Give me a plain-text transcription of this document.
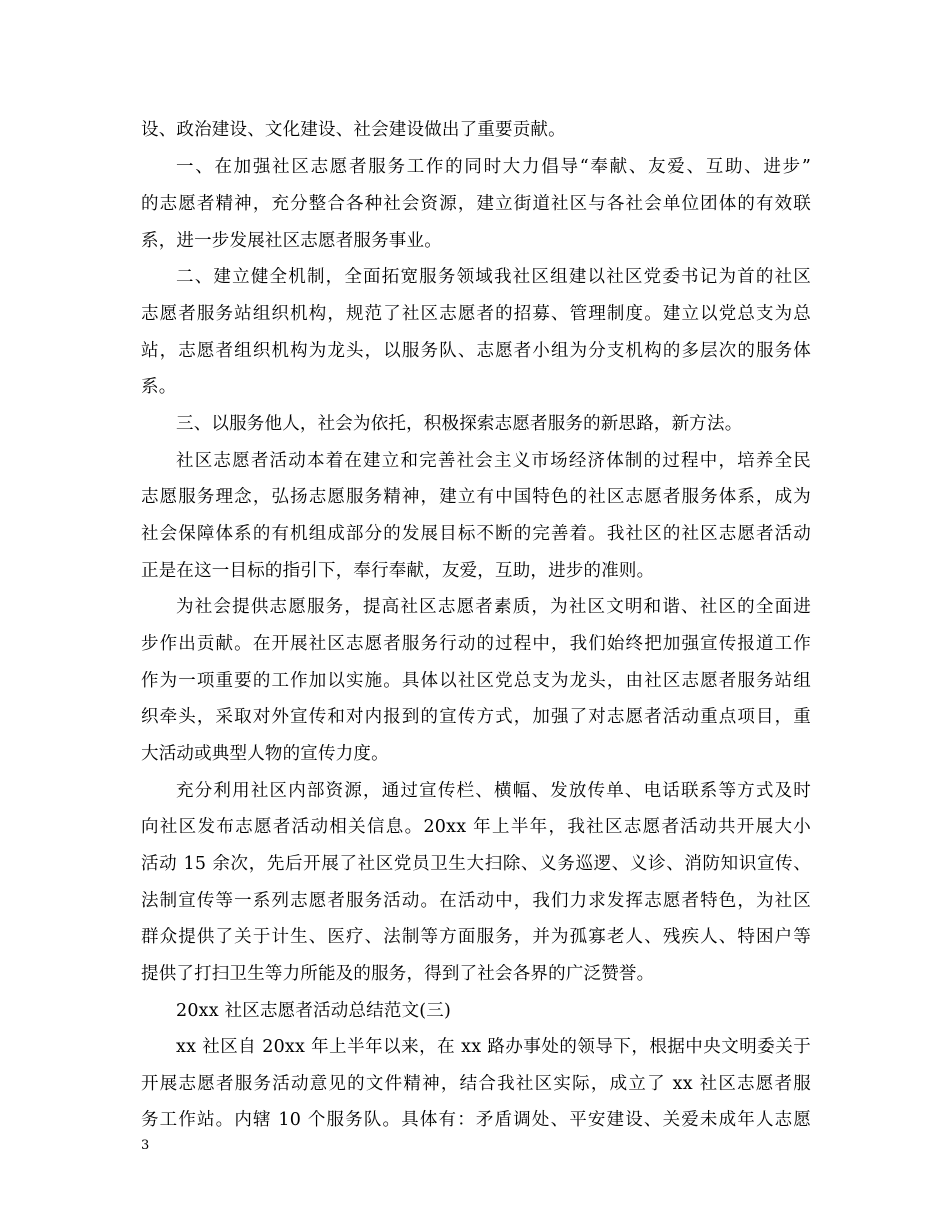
设、政治建设、文化建设、社会建设做出了重要贡献。
一、在加强社区志愿者服务工作的同时大力倡导“奉献、友爱、互助、进步”
的志愿者精神，充分整合各种社会资源，建立街道社区与各社会单位团体的有效联
系，进一步发展社区志愿者服务事业。
二、建立健全机制，全面拓宽服务领域我社区组建以社区党委书记为首的社区
志愿者服务站组织机构，规范了社区志愿者的招募、管理制度。建立以党总支为总
站，志愿者组织机构为龙头，以服务队、志愿者小组为分支机构的多层次的服务体
系。
三、以服务他人，社会为依托，积极探索志愿者服务的新思路，新方法。
社区志愿者活动本着在建立和完善社会主义市场经济体制的过程中，培养全民
志愿服务理念，弘扬志愿服务精神，建立有中国特色的社区志愿者服务体系，成为
社会保障体系的有机组成部分的发展目标不断的完善着。我社区的社区志愿者活动
正是在这一目标的指引下，奉行奉献，友爱，互助，进步的准则。
为社会提供志愿服务，提高社区志愿者素质，为社区文明和谐、社区的全面进
步作出贡献。在开展社区志愿者服务行动的过程中，我们始终把加强宣传报道工作
作为一项重要的工作加以实施。具体以社区党总支为龙头，由社区志愿者服务站组
织牵头，采取对外宣传和对内报到的宣传方式，加强了对志愿者活动重点项目，重
大活动或典型人物的宣传力度。
充分利用社区内部资源，通过宣传栏、横幅、发放传单、电话联系等方式及时
向社区发布志愿者活动相关信息。20xx 年上半年，我社区志愿者活动共开展大小
活动 15 余次，先后开展了社区党员卫生大扫除、义务巡逻、义诊、消防知识宣传、
法制宣传等一系列志愿者服务活动。在活动中，我们力求发挥志愿者特色，为社区
群众提供了关于计生、医疗、法制等方面服务，并为孤寡老人、残疾人、特困户等
提供了打扫卫生等力所能及的服务，得到了社会各界的广泛赞誉。
20xx 社区志愿者活动总结范文(三)
xx 社区自 20xx 年上半年以来，在 xx 路办事处的领导下，根据中央文明委关于
开展志愿者服务活动意见的文件精神，结合我社区实际，成立了 xx 社区志愿者服
务工作站。内辖 10 个服务队。具体有：矛盾调处、平安建设、关爱未成年人志愿
3
